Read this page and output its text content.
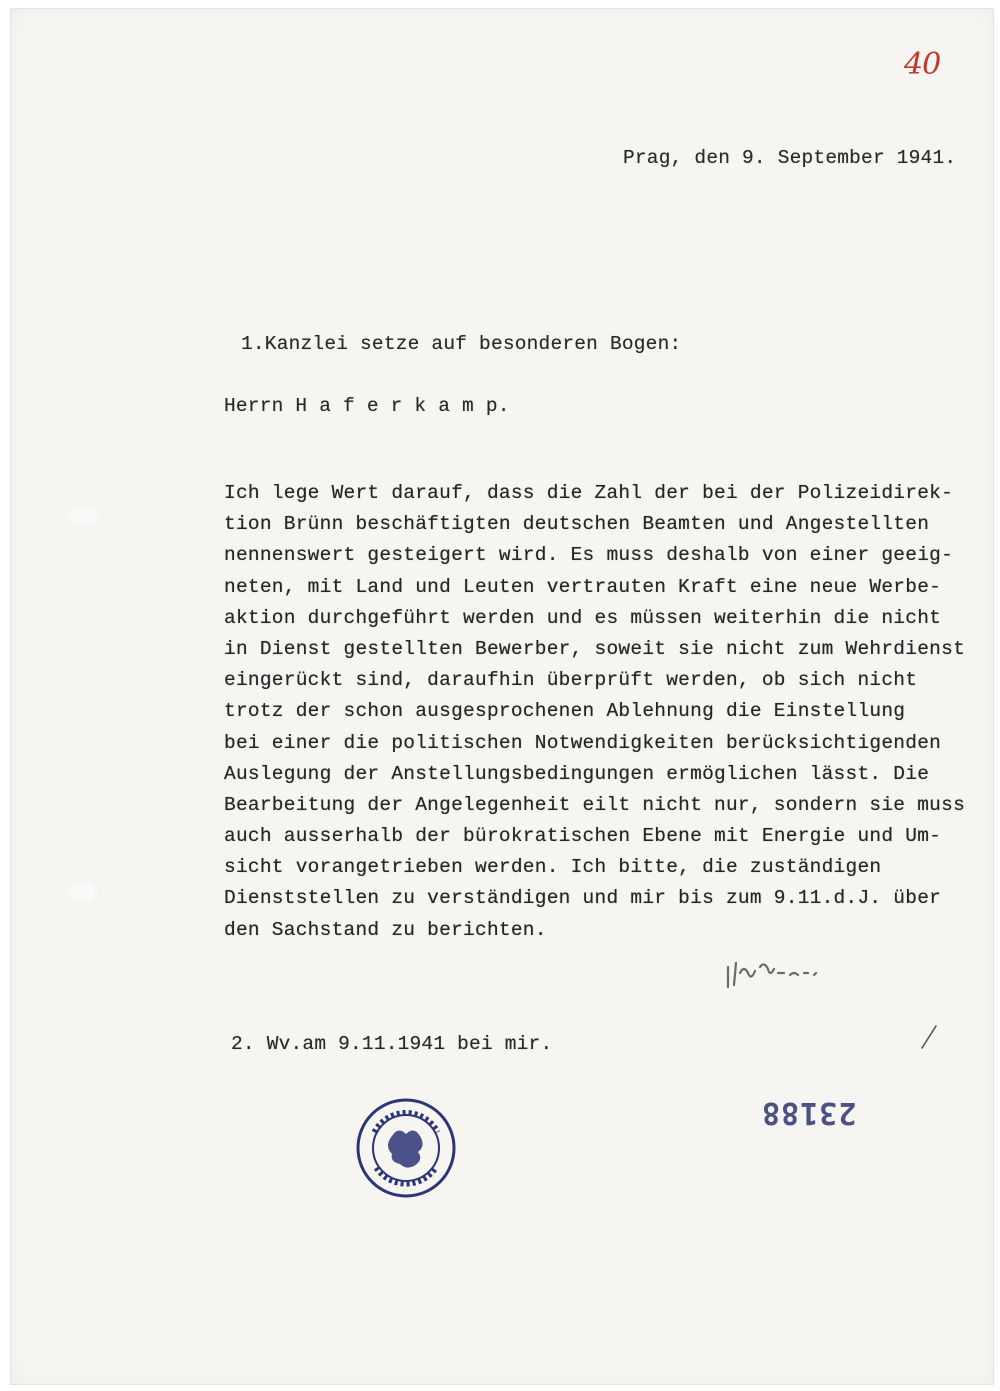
40
Prag, den 9. September 1941.
1.Kanzlei setze auf besonderen Bogen:
Herrn H a f e r k a m p.
Ich lege Wert darauf, dass die Zahl der bei der Polizeidirek-
tion Brünn beschäftigten deutschen Beamten und Angestellten
nennenswert gesteigert wird. Es muss deshalb von einer geeig-
neten, mit Land und Leuten vertrauten Kraft eine neue Werbe-
aktion durchgeführt werden und es müssen weiterhin die nicht
in Dienst gestellten Bewerber, soweit sie nicht zum Wehrdienst
eingerückt sind, daraufhin überprüft werden, ob sich nicht
trotz der schon ausgesprochenen Ablehnung die Einstellung
bei einer die politischen Notwendigkeiten berücksichtigenden
Auslegung der Anstellungsbedingungen ermöglichen lässt. Die
Bearbeitung der Angelegenheit eilt nicht nur, sondern sie muss
auch ausserhalb der bürokratischen Ebene mit Energie und Um-
sicht vorangetrieben werden. Ich bitte, die zuständigen
Dienststellen zu verständigen und mir bis zum 9.11.d.J. über
den Sachstand zu berichten.
23188
2. Wv.am 9.11.1941 bei mir.
